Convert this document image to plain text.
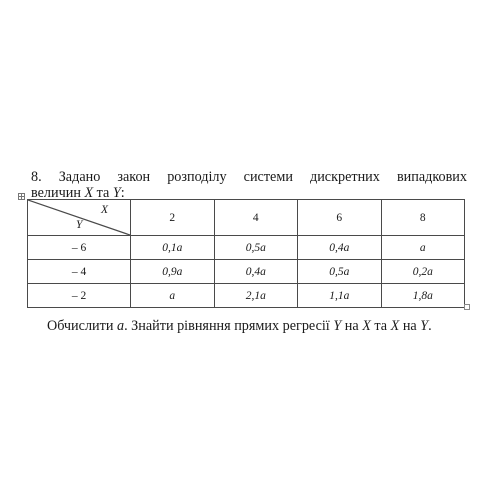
8. Задано закон розподілу системи дискретних випадкових
величин X та Y:
X
Y	2	4	6	8
– 6	0,1a	0,5a	0,4a	a
– 4	0,9a	0,4a	0,5a	0,2a
– 2	a	2,1a	1,1a	1,8a
Обчислити a. Знайти рівняння прямих регресії Y на X та X на Y.
